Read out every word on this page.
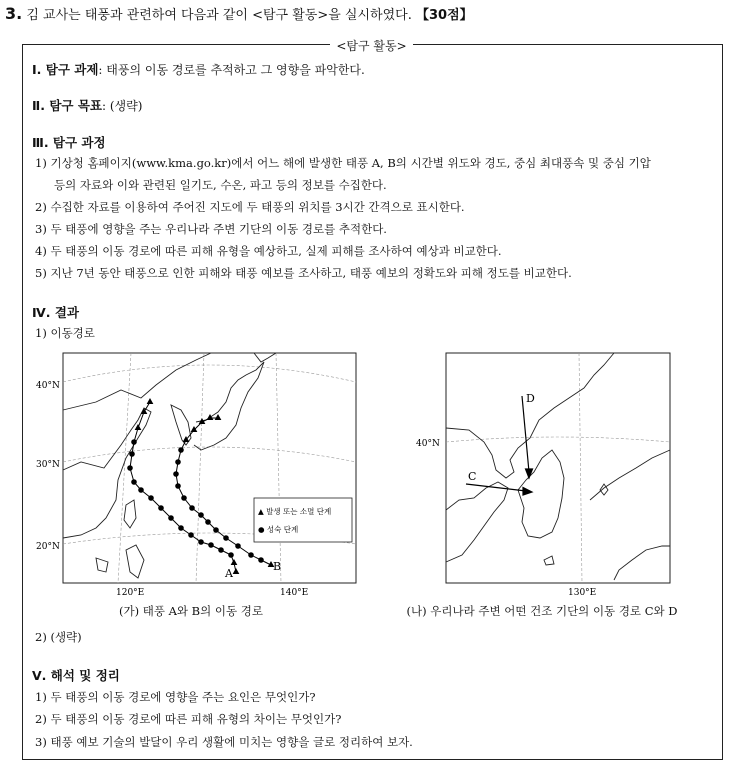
3. 김 교사는 태풍과 관련하여 다음과 같이 <탐구 활동>을 실시하였다. 【30점】
<탐구 활동>
Ⅰ. 탐구 과제: 태풍의 이동 경로를 추적하고 그 영향을 파악한다.
Ⅱ. 탐구 목표: (생략)
Ⅲ. 탐구 과정
1) 기상청 홈페이지(www.kma.go.kr)에서 어느 해에 발생한 태풍 A, B의 시간별 위도와 경도, 중심 최대풍속 및 중심 기압
등의 자료와 이와 관련된 일기도, 수온, 파고 등의 정보를 수집한다.
2) 수집한 자료를 이용하여 주어진 지도에 두 태풍의 위치를 3시간 간격으로 표시한다.
3) 두 태풍에 영향을 주는 우리나라 주변 기단의 이동 경로를 추적한다.
4) 두 태풍의 이동 경로에 따른 피해 유형을 예상하고, 실제 피해를 조사하여 예상과 비교한다.
5) 지난 7년 동안 태풍으로 인한 피해와 태풍 예보를 조사하고, 태풍 예보의 정확도와 피해 정도를 비교한다.
Ⅳ. 결과
1) 이동경로
40°N
30°N
20°N
A
B
▲ 발생 또는 소멸 단계
● 성숙 단계
120°E	140°E
(가) 태풍 A와 B의 이동 경로
40°N
D
C
130°E
(나) 우리나라 주변 어떤 건조 기단의 이동 경로 C와 D
2) (생략)
Ⅴ. 해석 및 정리
1) 두 태풍의 이동 경로에 영향을 주는 요인은 무엇인가?
2) 두 태풍의 이동 경로에 따른 피해 유형의 차이는 무엇인가?
3) 태풍 예보 기술의 발달이 우리 생활에 미치는 영향을 글로 정리하여 보자.
